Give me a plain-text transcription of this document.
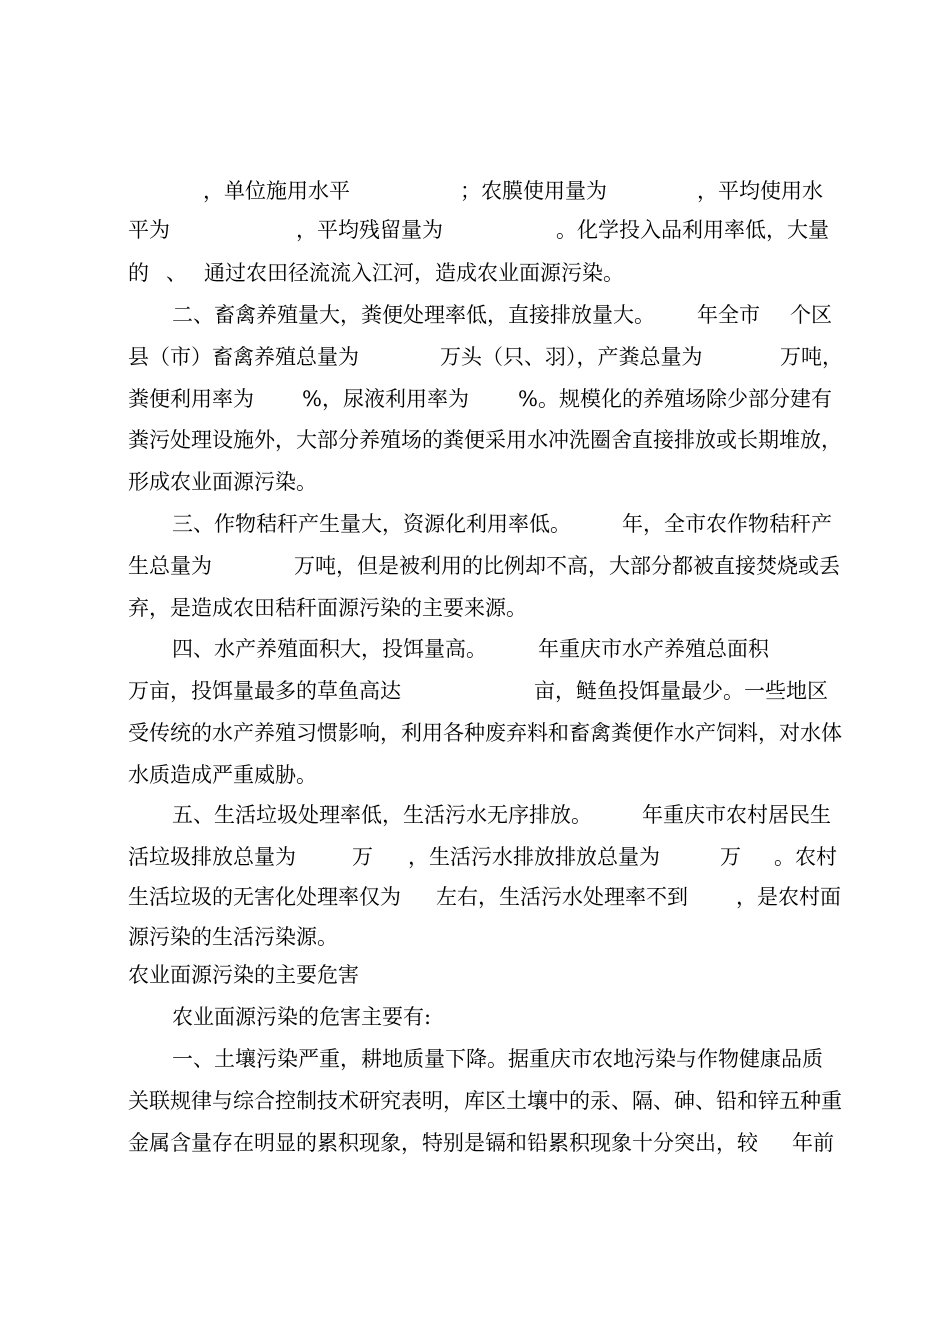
，单位施用水平	；农膜使用量为	，平均使用水
平为	，平均残留量为	。化学投入品利用率低，大量
的 、 通过农田径流流入江河，造成农业面源污染。
二、畜禽养殖量大，粪便处理率低，直接排放量大。 年全市 个区
县（市）畜禽养殖总量为	万头（只、羽），产粪总量为	万吨，
粪便利用率为 %，尿液利用率为 %。规模化的养殖场除少部分建有
粪污处理设施外，大部分养殖场的粪便采用水冲洗圈舍直接排放或长期堆放，
形成农业面源污染。
三、作物秸秆产生量大，资源化利用率低。 年，全市农作物秸秆产
生总量为	万吨，但是被利用的比例却不高，大部分都被直接焚烧或丢
弃，是造成农田秸秆面源污染的主要来源。
四、水产养殖面积大，投饵量高。 年重庆市水产养殖总面积
万亩，投饵量最多的草鱼高达	亩，鲢鱼投饵量最少。一些地区
受传统的水产养殖习惯影响，利用各种废弃料和畜禽粪便作水产饲料，对水体
水质造成严重威胁。
五、生活垃圾处理率低，生活污水无序排放。 年重庆市农村居民生
活垃圾排放总量为	万 ，生活污水排放排放总量为	万 。农村
生活垃圾的无害化处理率仅为 左右，生活污水处理率不到 ，是农村面
源污染的生活污染源。
农业面源污染的主要危害
农业面源污染的危害主要有:
一、土壤污染严重，耕地质量下降。据重庆市农地污染与作物健康品质
关联规律与综合控制技术研究表明，库区土壤中的汞、隔、砷、铅和锌五种重
金属含量存在明显的累积现象，特别是镉和铅累积现象十分突出，较 年前
